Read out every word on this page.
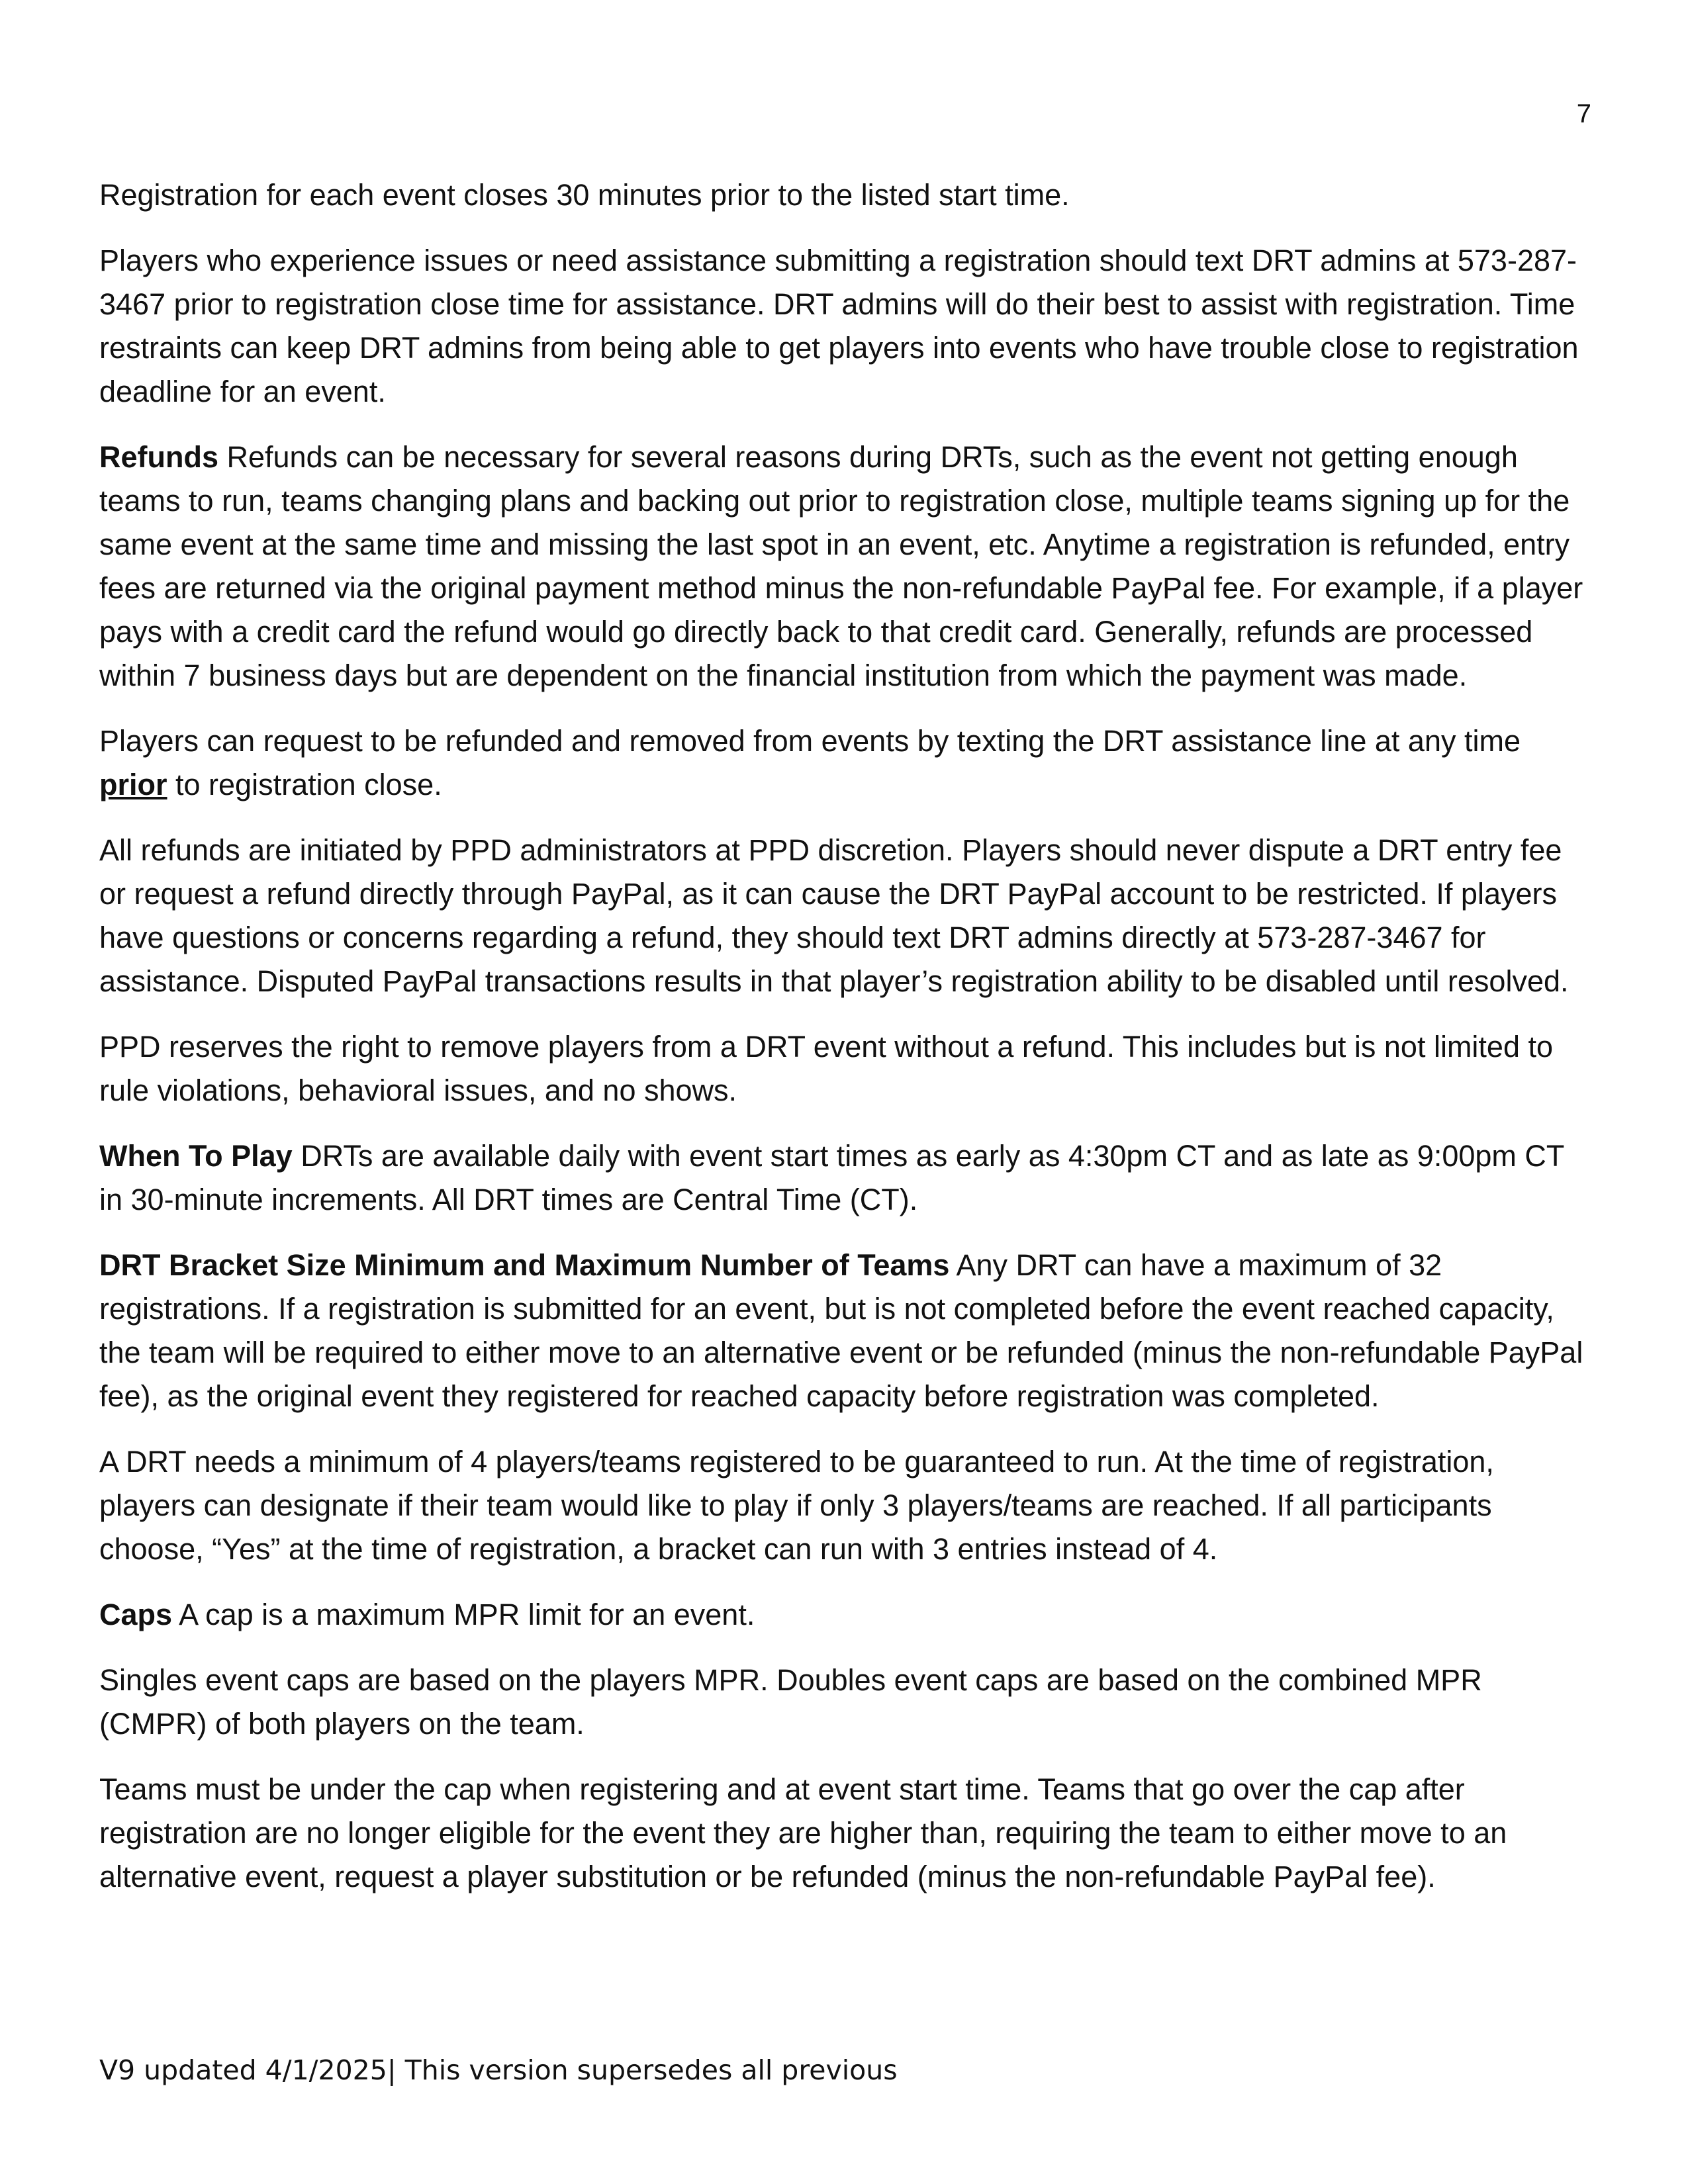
7

Registration for each event closes 30 minutes prior to the listed start time.

Players who experience issues or need assistance submitting a registration should text DRT admins at 573-287-3467 prior to registration close time for assistance. DRT admins will do their best to assist with registration. Time restraints can keep DRT admins from being able to get players into events who have trouble close to registration deadline for an event.

Refunds Refunds can be necessary for several reasons during DRTs, such as the event not getting enough teams to run, teams changing plans and backing out prior to registration close, multiple teams signing up for the same event at the same time and missing the last spot in an event, etc. Anytime a registration is refunded, entry fees are returned via the original payment method minus the non-refundable PayPal fee. For example, if a player pays with a credit card the refund would go directly back to that credit card. Generally, refunds are processed within 7 business days but are dependent on the financial institution from which the payment was made.

Players can request to be refunded and removed from events by texting the DRT assistance line at any time prior to registration close.

All refunds are initiated by PPD administrators at PPD discretion. Players should never dispute a DRT entry fee or request a refund directly through PayPal, as it can cause the DRT PayPal account to be restricted. If players have questions or concerns regarding a refund, they should text DRT admins directly at 573-287-3467 for assistance. Disputed PayPal transactions results in that player’s registration ability to be disabled until resolved.

PPD reserves the right to remove players from a DRT event without a refund. This includes but is not limited to rule violations, behavioral issues, and no shows.

When To Play DRTs are available daily with event start times as early as 4:30pm CT and as late as 9:00pm CT in 30-minute increments. All DRT times are Central Time (CT).

DRT Bracket Size Minimum and Maximum Number of Teams Any DRT can have a maximum of 32 registrations. If a registration is submitted for an event, but is not completed before the event reached capacity, the team will be required to either move to an alternative event or be refunded (minus the non-refundable PayPal fee), as the original event they registered for reached capacity before registration was completed.

A DRT needs a minimum of 4 players/teams registered to be guaranteed to run. At the time of registration, players can designate if their team would like to play if only 3 players/teams are reached. If all participants choose, “Yes” at the time of registration, a bracket can run with 3 entries instead of 4.

Caps A cap is a maximum MPR limit for an event.

Singles event caps are based on the players MPR. Doubles event caps are based on the combined MPR (CMPR) of both players on the team.

Teams must be under the cap when registering and at event start time. Teams that go over the cap after registration are no longer eligible for the event they are higher than, requiring the team to either move to an alternative event, request a player substitution or be refunded (minus the non-refundable PayPal fee).

V9 updated 4/1/2025| This version supersedes all previous
